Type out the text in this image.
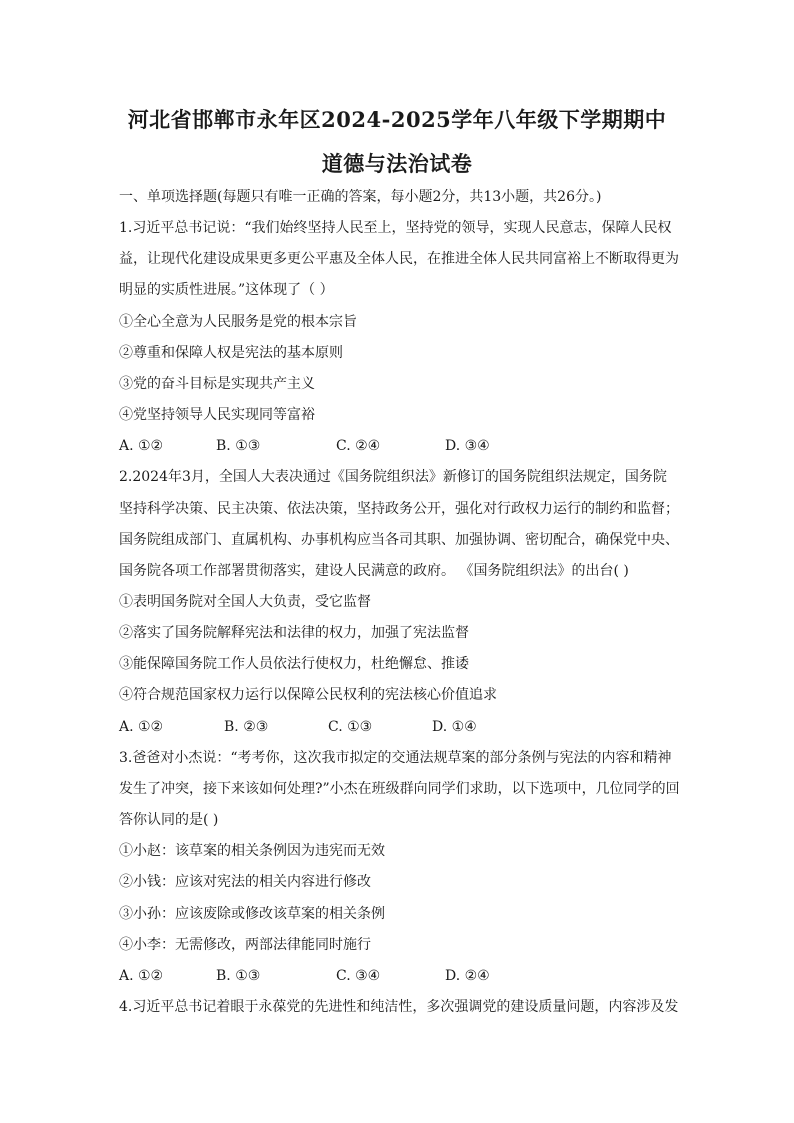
河北省邯郸市永年区2024-2025学年八年级下学期期中
道德与法治试卷
一、单项选择题(每题只有唯一正确的答案，每小题2分，共13小题，共26分。)
1.习近平总书记说：“我们始终坚持人民至上，坚持党的领导，实现人民意志，保障人民权
益，让现代化建设成果更多更公平惠及全体人民，在推进全体人民共同富裕上不断取得更为
明显的实质性进展。”这体现了（ ）
①全心全意为人民服务是党的根本宗旨
②尊重和保障人权是宪法的基本原则
③党的奋斗目标是实现共产主义
④党坚持领导人民实现同等富裕
A. ①②	B. ①③	C. ②④	D. ③④
2.2024年3月，全国人大表决通过《国务院组织法》新修订的国务院组织法规定，国务院
坚持科学决策、民主决策、依法决策，坚持政务公开，强化对行政权力运行的制约和监督；
国务院组成部门、直属机构、办事机构应当各司其职、加强协调、密切配合，确保党中央、
国务院各项工作部署贯彻落实，建设人民满意的政府。 《国务院组织法》的出台( )
①表明国务院对全国人大负责，受它监督
②落实了国务院解释宪法和法律的权力，加强了宪法监督
③能保障国务院工作人员依法行使权力，杜绝懈怠、推诿
④符合规范国家权力运行以保障公民权利的宪法核心价值追求
A. ①②	B. ②③	C. ①③	D. ①④
3.爸爸对小杰说：“考考你，这次我市拟定的交通法规草案的部分条例与宪法的内容和精神
发生了冲突，接下来该如何处理?”小杰在班级群向同学们求助，以下选项中，几位同学的回
答你认同的是( )
①小赵：该草案的相关条例因为违宪而无效
②小钱：应该对宪法的相关内容进行修改
③小孙：应该废除或修改该草案的相关条例
④小李：无需修改，两部法律能同时施行
A. ①②	B. ①③	C. ③④	D. ②④
4.习近平总书记着眼于永葆党的先进性和纯洁性，多次强调党的建设质量问题，内容涉及发
